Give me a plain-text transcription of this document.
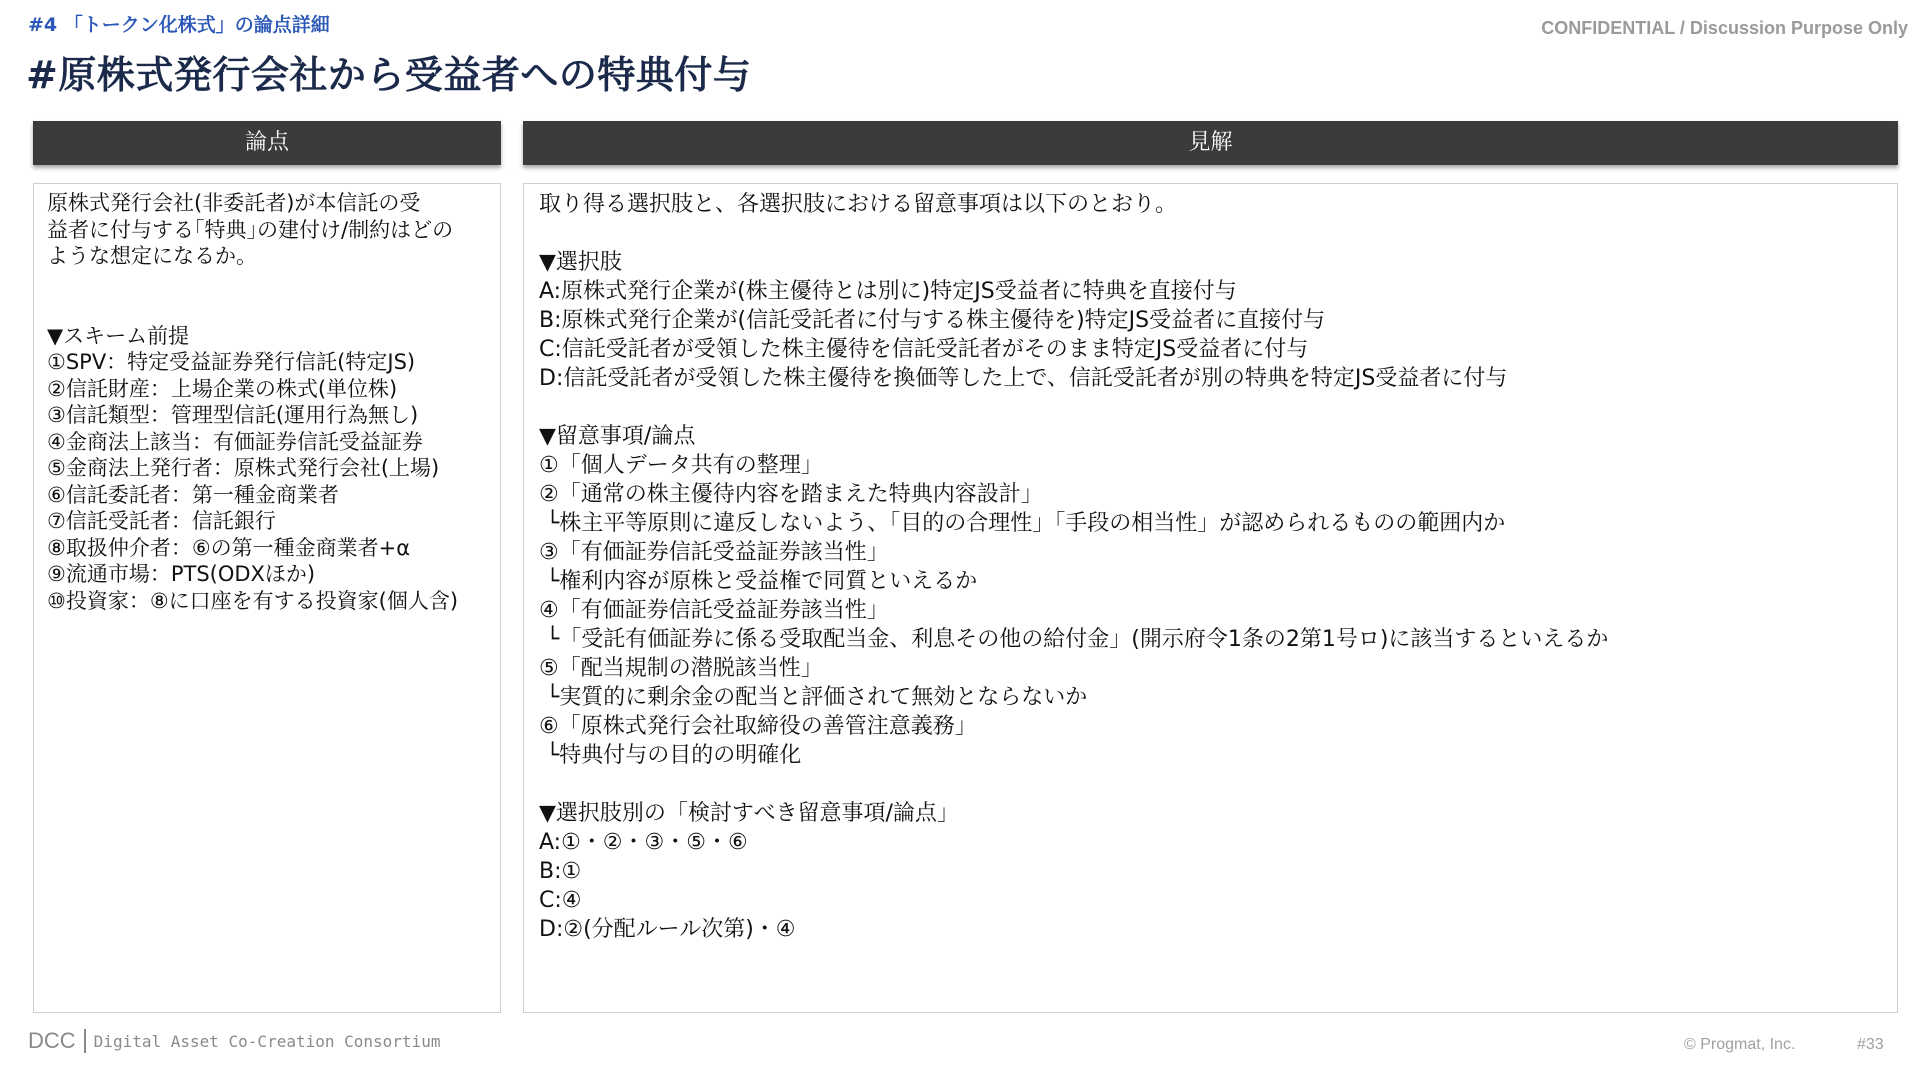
#4 「トークン化株式」の論点詳細	CONFIDENTIAL / Discussion Purpose Only
#原株式発行会社から受益者への特典付与
論点	見解
原株式発行会社(非委託者)が本信託の受
益者に付与する｢特典｣の建付け/制約はどの
ような想定になるか。
▼スキーム前提
①SPV：特定受益証券発行信託(特定JS)
②信託財産：上場企業の株式(単位株)
③信託類型：管理型信託(運用行為無し)
④金商法上該当：有価証券信託受益証券
⑤金商法上発行者：原株式発行会社(上場)
⑥信託委託者：第一種金商業者
⑦信託受託者：信託銀行
⑧取扱仲介者：⑥の第一種金商業者+α
⑨流通市場：PTS(ODXほか)
⑩投資家：⑧に口座を有する投資家(個人含)
取り得る選択肢と、各選択肢における留意事項は以下のとおり。
▼選択肢
A:原株式発行企業が(株主優待とは別に)特定JS受益者に特典を直接付与
B:原株式発行企業が(信託受託者に付与する株主優待を)特定JS受益者に直接付与
C:信託受託者が受領した株主優待を信託受託者がそのまま特定JS受益者に付与
D:信託受託者が受領した株主優待を換価等した上で、信託受託者が別の特典を特定JS受益者に付与
▼留意事項/論点
①「個人データ共有の整理」
②「通常の株主優待内容を踏まえた特典内容設計」
└株主平等原則に違反しないよう、「目的の合理性」「手段の相当性」が認められるものの範囲内か
③「有価証券信託受益証券該当性」
└権利内容が原株と受益権で同質といえるか
④「有価証券信託受益証券該当性」
└「受託有価証券に係る受取配当金、利息その他の給付金」(開示府令1条の2第1号ロ)に該当するといえるか
⑤「配当規制の潜脱該当性」
└実質的に剰余金の配当と評価されて無効とならないか
⑥「原株式発行会社取締役の善管注意義務」
└特典付与の目的の明確化
▼選択肢別の「検討すべき留意事項/論点」
A:①・②・③・⑤・⑥
B:①
C:④
D:②(分配ルール次第)・④
DCC Digital Asset Co-Creation Consortium	© Progmat, Inc.	#33
